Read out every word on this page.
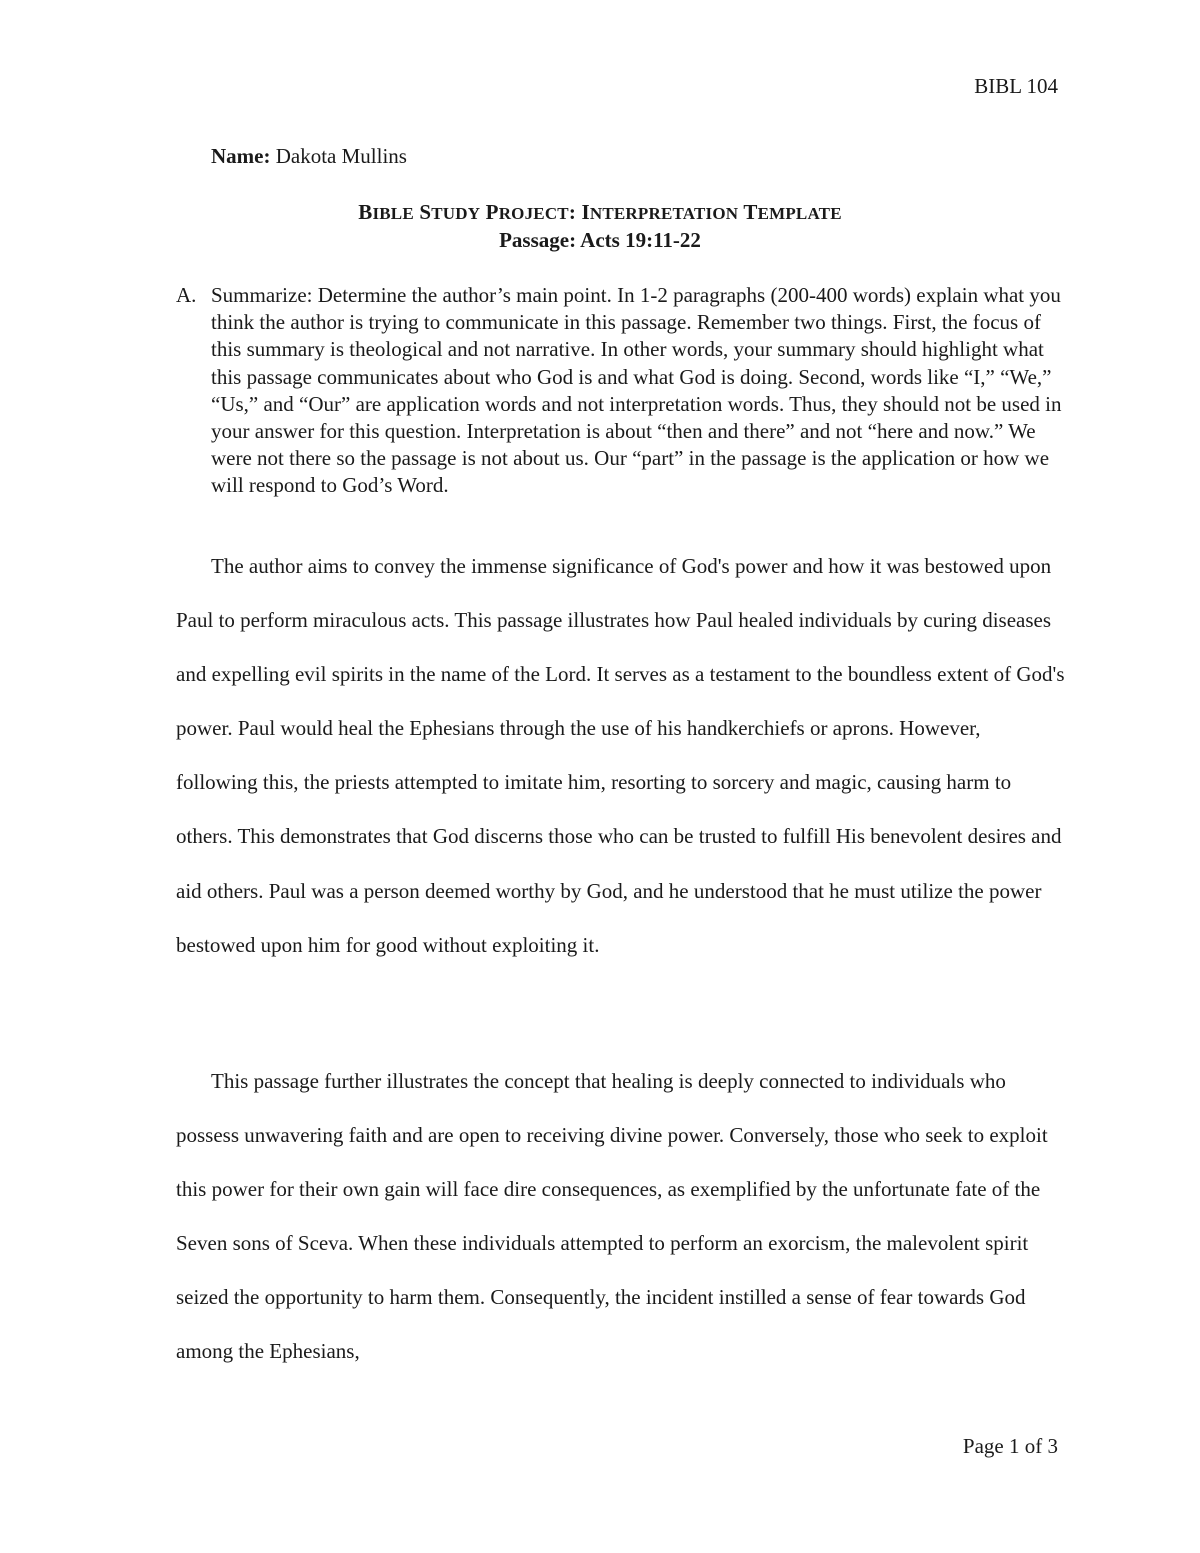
BIBL 104
Name: Dakota Mullins
BIBLE STUDY PROJECT: INTERPRETATION TEMPLATE
Passage: Acts 19:11-22
A. Summarize: Determine the author’s main point. In 1-2 paragraphs (200-400 words) explain what you think the author is trying to communicate in this passage. Remember two things. First, the focus of this summary is theological and not narrative. In other words, your summary should highlight what this passage communicates about who God is and what God is doing. Second, words like “I,” “We,” “Us,” and “Our” are application words and not interpretation words. Thus, they should not be used in your answer for this question. Interpretation is about “then and there” and not “here and now.” We were not there so the passage is not about us. Our “part” in the passage is the application or how we will respond to God’s Word.

The author aims to convey the immense significance of God's power and how it was bestowed upon Paul to perform miraculous acts. This passage illustrates how Paul healed individuals by curing diseases and expelling evil spirits in the name of the Lord. It serves as a testament to the boundless extent of God's power. Paul would heal the Ephesians through the use of his handkerchiefs or aprons. However, following this, the priests attempted to imitate him, resorting to sorcery and magic, causing harm to others. This demonstrates that God discerns those who can be trusted to fulfill His benevolent desires and aid others. Paul was a person deemed worthy by God, and he understood that he must utilize the power bestowed upon him for good without exploiting it.

This passage further illustrates the concept that healing is deeply connected to individuals who possess unwavering faith and are open to receiving divine power. Conversely, those who seek to exploit this power for their own gain will face dire consequences, as exemplified by the unfortunate fate of the Seven sons of Sceva. When these individuals attempted to perform an exorcism, the malevolent spirit seized the opportunity to harm them. Consequently, the incident instilled a sense of fear towards God among the Ephesians,

Page 1 of 3
